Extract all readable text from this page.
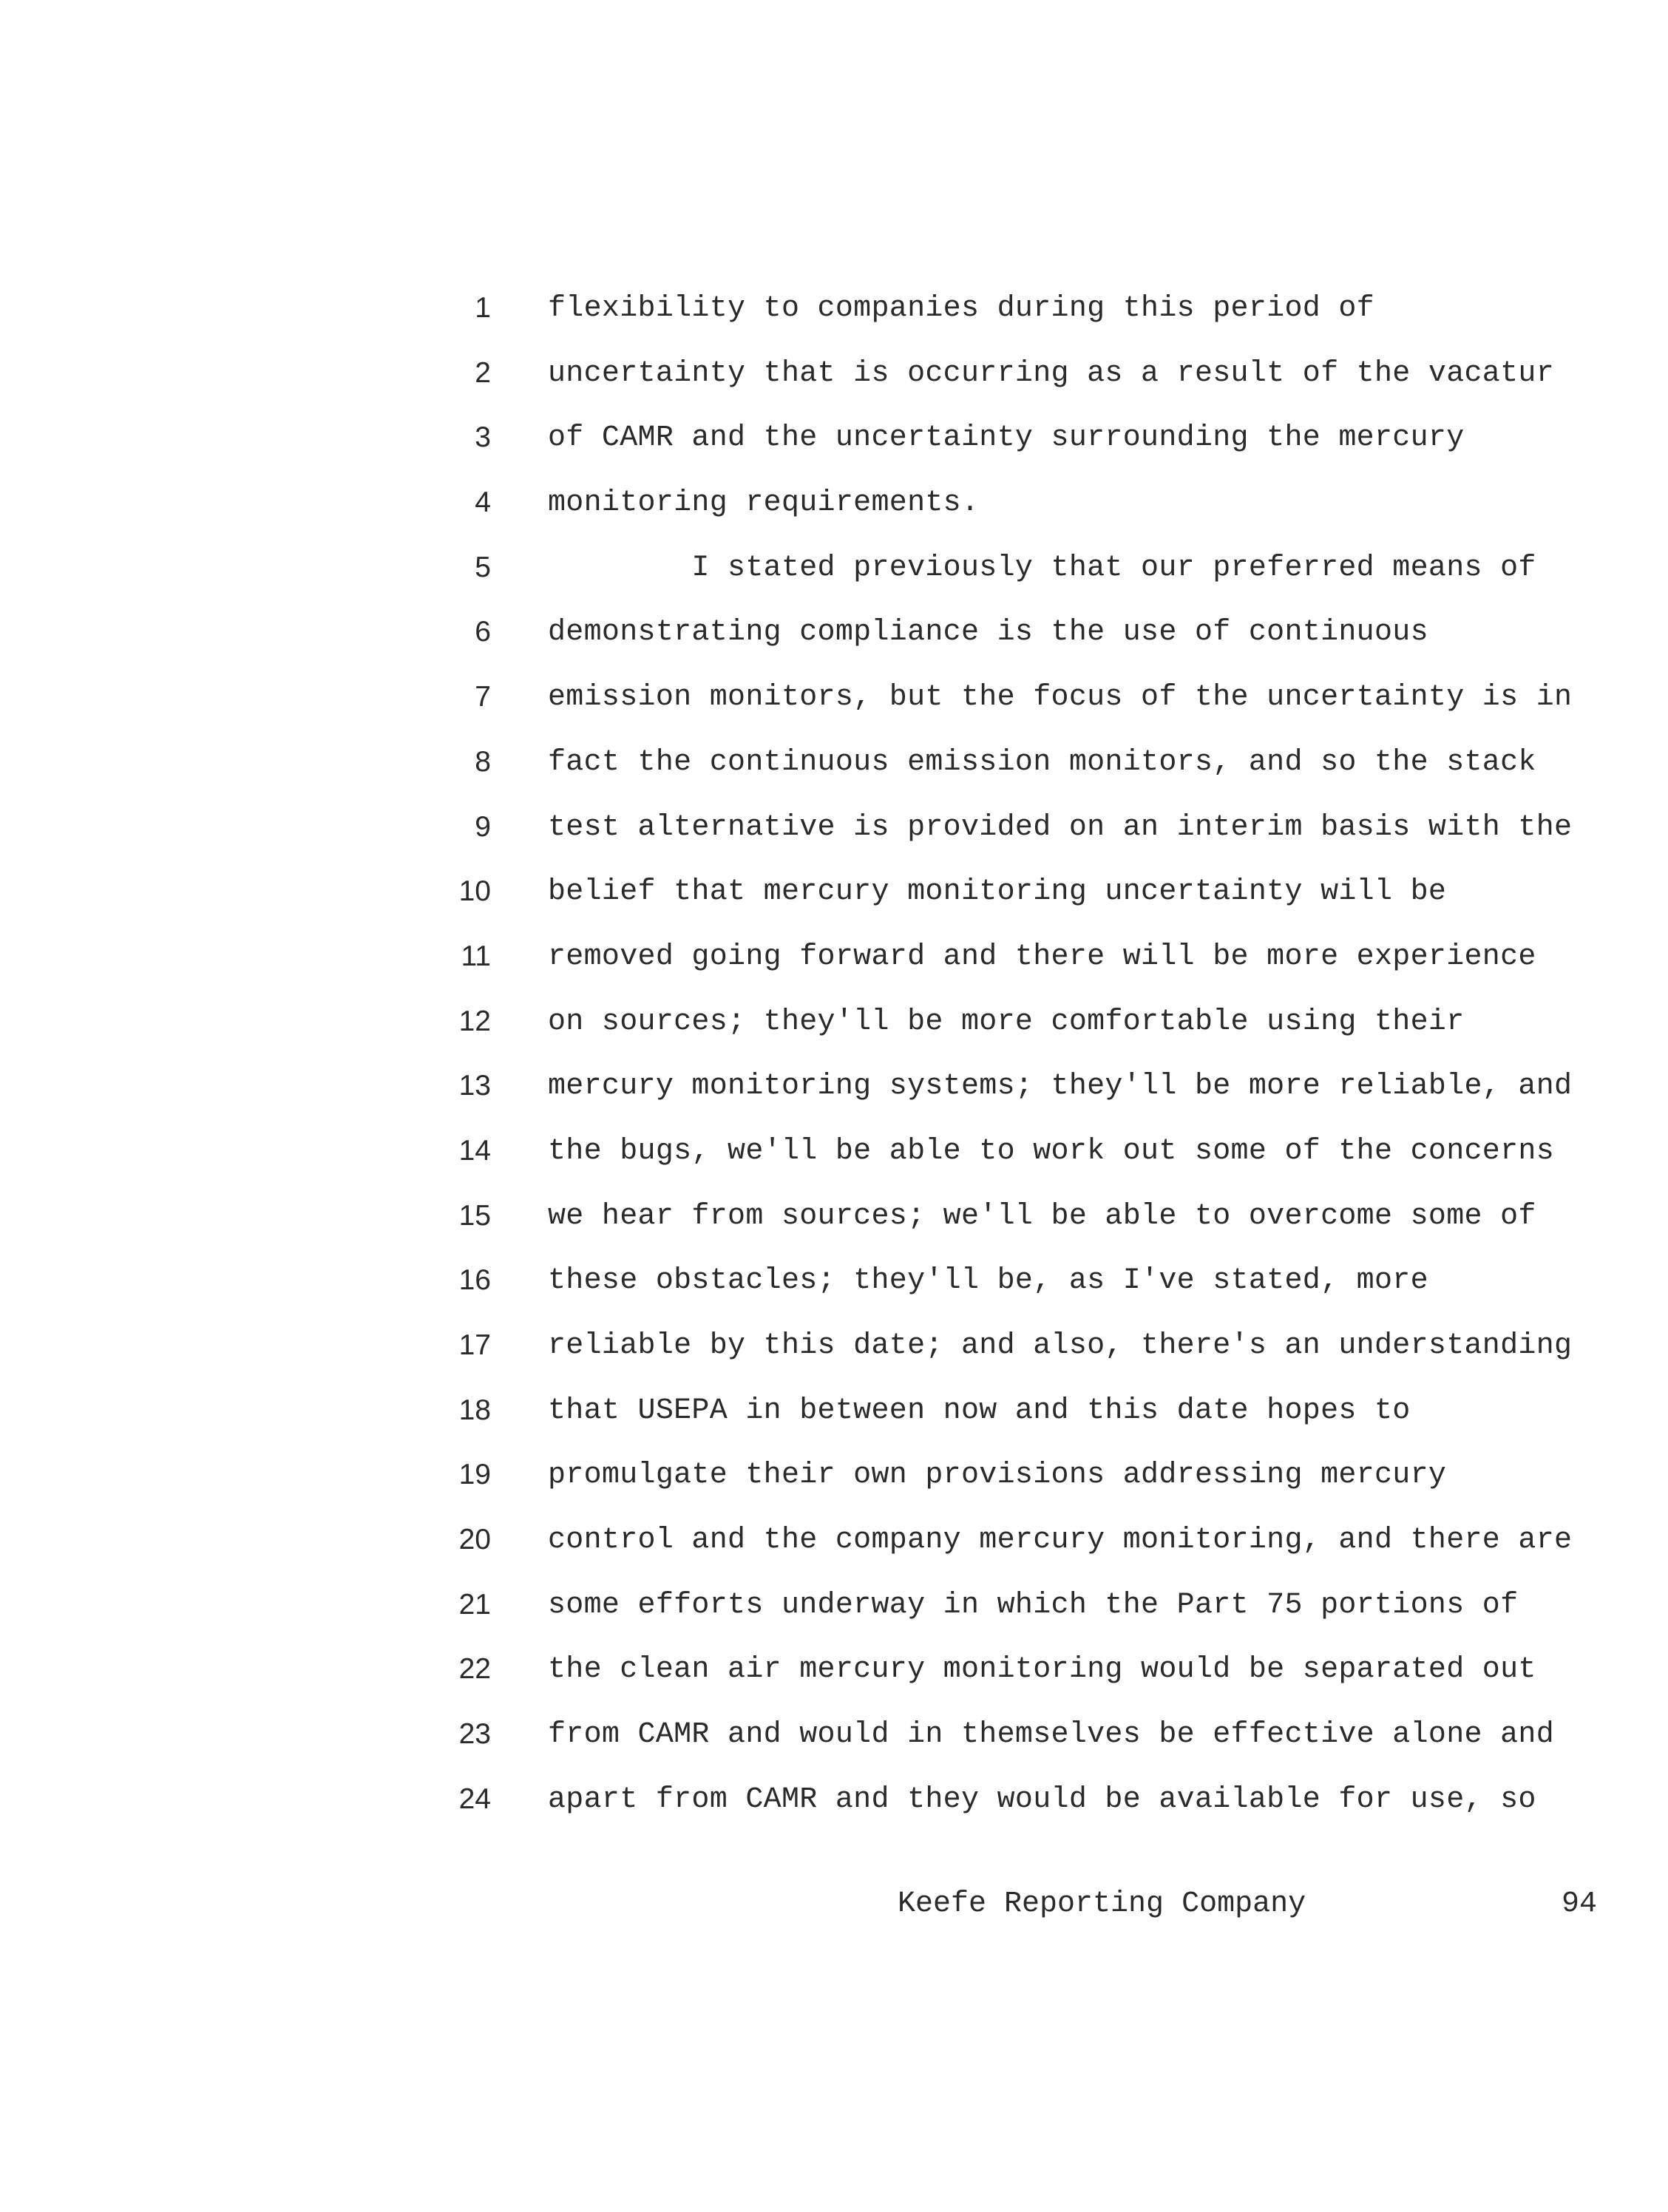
1 flexibility to companies during this period of
2 uncertainty that is occurring as a result of the vacatur
3 of CAMR and the uncertainty surrounding the mercury
4 monitoring requirements.
5 I stated previously that our preferred means of
6 demonstrating compliance is the use of continuous
7 emission monitors, but the focus of the uncertainty is in
8 fact the continuous emission monitors, and so the stack
9 test alternative is provided on an interim basis with the
10 belief that mercury monitoring uncertainty will be
11 removed going forward and there will be more experience
12 on sources; they'll be more comfortable using their
13 mercury monitoring systems; they'll be more reliable, and
14 the bugs, we'll be able to work out some of the concerns
15 we hear from sources; we'll be able to overcome some of
16 these obstacles; they'll be, as I've stated, more
17 reliable by this date; and also, there's an understanding
18 that USEPA in between now and this date hopes to
19 promulgate their own provisions addressing mercury
20 control and the company mercury monitoring, and there are
21 some efforts underway in which the Part 75 portions of
22 the clean air mercury monitoring would be separated out
23 from CAMR and would in themselves be effective alone and
24 apart from CAMR and they would be available for use, so
Keefe Reporting Company	94
